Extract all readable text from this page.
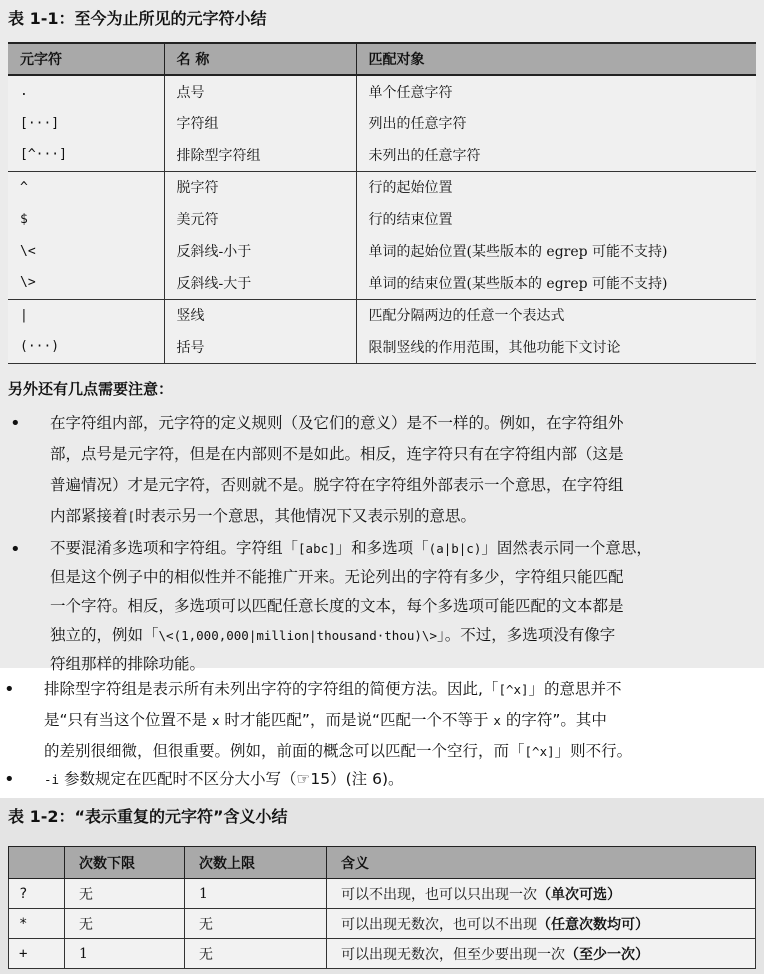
表 1-1：至今为止所见的元字符小结
元字符	名 称	匹配对象
.	点号	单个任意字符
[···]	字符组	列出的任意字符
[^···]	排除型字符组	未列出的任意字符
^	脱字符	行的起始位置
$	美元符	行的结束位置
\<	反斜线-小于	单词的起始位置(某些版本的 egrep 可能不支持)
\>	反斜线-大于	单词的结束位置(某些版本的 egrep 可能不支持)
|	竖线	匹配分隔两边的任意一个表达式
(···)	括号	限制竖线的作用范围，其他功能下文讨论
另外还有几点需要注意：
• 在字符组内部，元字符的定义规则（及它们的意义）是不一样的。例如，在字符组外
部，点号是元字符，但是在内部则不是如此。相反，连字符只有在字符组内部（这是
普遍情况）才是元字符，否则就不是。脱字符在字符组外部表示一个意思，在字符组
内部紧接着[时表示另一个意思，其他情况下又表示别的意思。
• 不要混淆多选项和字符组。字符组「[abc]」和多选项「(a|b|c)」固然表示同一个意思，
但是这个例子中的相似性并不能推广开来。无论列出的字符有多少，字符组只能匹配
一个字符。相反，多选项可以匹配任意长度的文本，每个多选项可能匹配的文本都是
独立的，例如「\<(1,000,000|million|thousand·thou)\>」。不过，多选项没有像字
符组那样的排除功能。
• 排除型字符组是表示所有未列出字符的字符组的简便方法。因此,「[^x]」的意思并不
是“只有当这个位置不是 x 时才能匹配”，而是说“匹配一个不等于 x 的字符”。其中
的差别很细微，但很重要。例如，前面的概念可以匹配一个空行，而「[^x]」则不行。
• -i 参数规定在匹配时不区分大小写（☞15）(注 6)。
表 1-2：“表示重复的元字符”含义小结
	次数下限	次数上限	含义
?	无	1	可以不出现，也可以只出现一次（单次可选）
*	无	无	可以出现无数次，也可以不出现（任意次数均可）
+	1	无	可以出现无数次，但至少要出现一次（至少一次）
